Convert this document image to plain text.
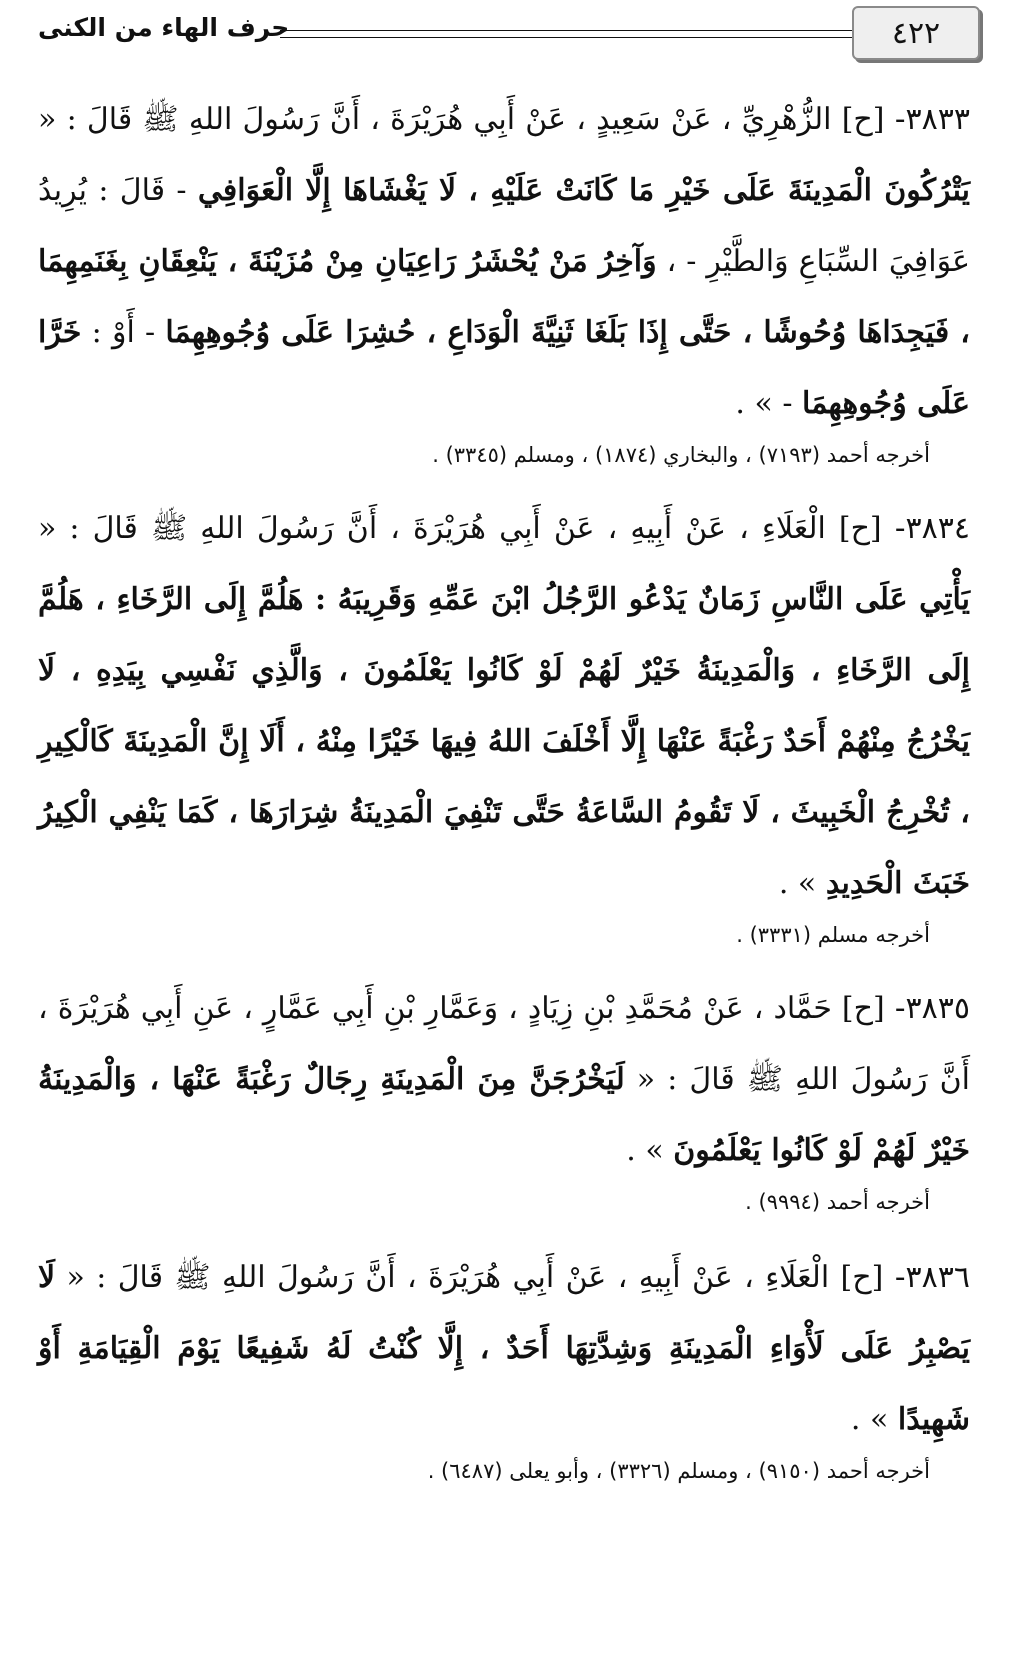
٤٢٢
حرف الهاء من الكنى

٣٨٣٣- [ح] الزُّهْرِيِّ ، عَنْ سَعِيدٍ ، عَنْ أَبِي هُرَيْرَةَ ، أَنَّ رَسُولَ اللهِ ﷺ قَالَ : « يَتْرُكُونَ الْمَدِينَةَ عَلَى خَيْرِ مَا كَانَتْ عَلَيْهِ ، لَا يَغْشَاهَا إِلَّا الْعَوَافِي - قَالَ : يُرِيدُ عَوَافِيَ السِّبَاعِ وَالطَّيْرِ - ، وَآخِرُ مَنْ يُحْشَرُ رَاعِيَانِ مِنْ مُزَيْنَةَ ، يَنْعِقَانِ بِغَنَمِهِمَا ، فَيَجِدَاهَا وُحُوشًا ، حَتَّى إِذَا بَلَغَا ثَنِيَّةَ الْوَدَاعِ ، حُشِرَا عَلَى وُجُوهِهِمَا - أَوْ : خَرَّا عَلَى وُجُوهِهِمَا - » .

أخرجه أحمد (٧١٩٣) ، والبخاري (١٨٧٤) ، ومسلم (٣٣٤٥) .

٣٨٣٤- [ح] الْعَلَاءِ ، عَنْ أَبِيهِ ، عَنْ أَبِي هُرَيْرَةَ ، أَنَّ رَسُولَ اللهِ ﷺ قَالَ : « يَأْتِي عَلَى النَّاسِ زَمَانٌ يَدْعُو الرَّجُلُ ابْنَ عَمِّهِ وَقَرِيبَهُ : هَلُمَّ إِلَى الرَّخَاءِ ، هَلُمَّ إِلَى الرَّخَاءِ ، وَالْمَدِينَةُ خَيْرٌ لَهُمْ لَوْ كَانُوا يَعْلَمُونَ ، وَالَّذِي نَفْسِي بِيَدِهِ ، لَا يَخْرُجُ مِنْهُمْ أَحَدٌ رَغْبَةً عَنْهَا إِلَّا أَخْلَفَ اللهُ فِيهَا خَيْرًا مِنْهُ ، أَلَا إِنَّ الْمَدِينَةَ كَالْكِيرِ ، تُخْرِجُ الْخَبِيثَ ، لَا تَقُومُ السَّاعَةُ حَتَّى تَنْفِيَ الْمَدِينَةُ شِرَارَهَا ، كَمَا يَنْفِي الْكِيرُ خَبَثَ الْحَدِيدِ » .

أخرجه مسلم (٣٣٣١) .

٣٨٣٥- [ح] حَمَّاد ، عَنْ مُحَمَّدِ بْنِ زِيَادٍ ، وَعَمَّارِ بْنِ أَبِي عَمَّارٍ ، عَنِ أَبِي هُرَيْرَةَ ، أَنَّ رَسُولَ اللهِ ﷺ قَالَ : « لَيَخْرُجَنَّ مِنَ الْمَدِينَةِ رِجَالٌ رَغْبَةً عَنْهَا ، وَالْمَدِينَةُ خَيْرٌ لَهُمْ لَوْ كَانُوا يَعْلَمُونَ » .

أخرجه أحمد (٩٩٩٤) .

٣٨٣٦- [ح] الْعَلَاءِ ، عَنْ أَبِيهِ ، عَنْ أَبِي هُرَيْرَةَ ، أَنَّ رَسُولَ اللهِ ﷺ قَالَ : « لَا يَصْبِرُ عَلَى لَأْوَاءِ الْمَدِينَةِ وَشِدَّتِهَا أَحَدٌ ، إِلَّا كُنْتُ لَهُ شَفِيعًا يَوْمَ الْقِيَامَةِ أَوْ شَهِيدًا » .

أخرجه أحمد (٩١٥٠) ، ومسلم (٣٣٢٦) ، وأبو يعلى (٦٤٨٧) .
